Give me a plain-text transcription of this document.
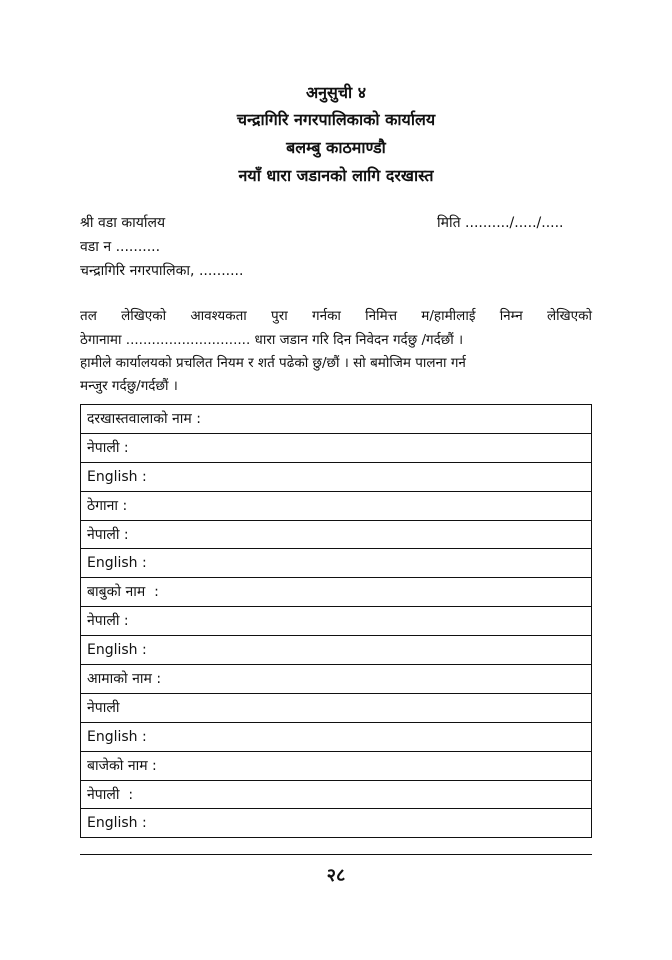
अनुसुची ४
चन्द्रागिरि नगरपालिकाको कार्यालय
बलम्बु काठमाण्डौ
नयाँ धारा जडानको लागि दरखास्त
श्री वडा कार्यालय
वडा न ..........
चन्द्रागिरि नगरपालिका, ..........
मिति ........../...../.....
तल लेखिएको आवश्यकता पुरा गर्नका निमित्त म/हामीलाई निम्न लेखिएको
ठेगानामा ............................. धारा जडान गरि दिन निवेदन गर्दछु /गर्दछौं ।
हामीले कार्यालयको प्रचलित नियम र शर्त पढेको छु/छौं । सो बमोजिम पालना गर्न
मन्जुर गर्दछु/गर्दछौं ।
दरखास्तवालाको नाम :
नेपाली :
English :
ठेगाना :
नेपाली :
English :
बाबुको नाम  :
नेपाली :
English :
आमाको नाम :
नेपाली
English :
बाजेको नाम :
नेपाली  :
English :
२८
